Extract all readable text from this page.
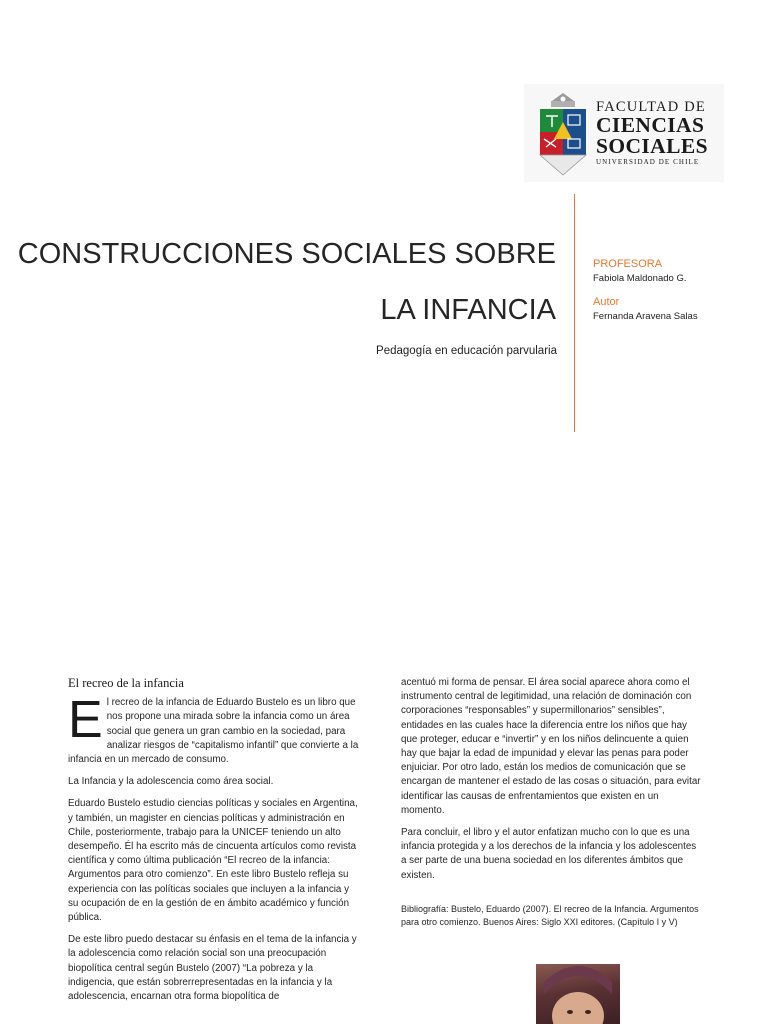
FACULTAD DE
CIENCIAS
SOCIALES
UNIVERSIDAD DE CHILE
CONSTRUCCIONES SOCIALES SOBRE
LA INFANCIA

Pedagogía en educación parvularia

PROFESORA
Fabiola Maldonado G.
Autor
Fernanda Aravena Salas
El recreo de la infancia

El recreo de la infancia de Eduardo Bustelo es un libro que nos propone una mirada sobre la infancia como un área social que genera un gran cambio en la sociedad, para analizar riesgos de “capitalismo infantil” que convierte a la infancia en un mercado de consumo.

La Infancia y la adolescencia como área social.

Eduardo Bustelo estudio ciencias políticas y sociales en Argentina, y también, un magister en ciencias políticas y administración en Chile, posteriormente, trabajo para la UNICEF teniendo un alto desempeño. Él ha escrito más de cincuenta artículos como revista científica y como última publicación “El recreo de la infancia: Argumentos para otro comienzo”. En este libro Bustelo refleja su experiencia con las políticas sociales que incluyen a la infancia y su ocupación de en la gestión de en ámbito académico y función pública.

De este libro puedo destacar su énfasis en el tema de la infancia y la adolescencia como relación social son una preocupación biopolítica central según Bustelo (2007) “La pobreza y la indigencia, que están sobrerrepresentadas en la infancia y la adolescencia, encarnan otra forma biopolítica de

acentuó mi forma de pensar. El área social aparece ahora como el instrumento central de legitimidad, una relación de dominación con corporaciones “responsables” y supermillonarios” sensibles”, entidades en las cuales hace la diferencia entre los niños que hay que proteger, educar e “invertir” y en los niños delincuente a quien hay que bajar la edad de impunidad y elevar las penas para poder enjuiciar. Por otro lado, están los medios de comunicación que se encargan de mantener el estado de las cosas o situación, para evitar identificar las causas de enfrentamientos que existen en un momento.

Para concluir, el libro y el autor enfatizan mucho con lo que es una infancia protegida y a los derechos de la infancia y los adolescentes a ser parte de una buena sociedad en los diferentes ámbitos que existen.

Bibliografía: Bustelo, Eduardo (2007). El recreo de la Infancia. Argumentos para otro comienzo. Buenos Aires: Siglo XXI editores. (Capítulo I y V)
